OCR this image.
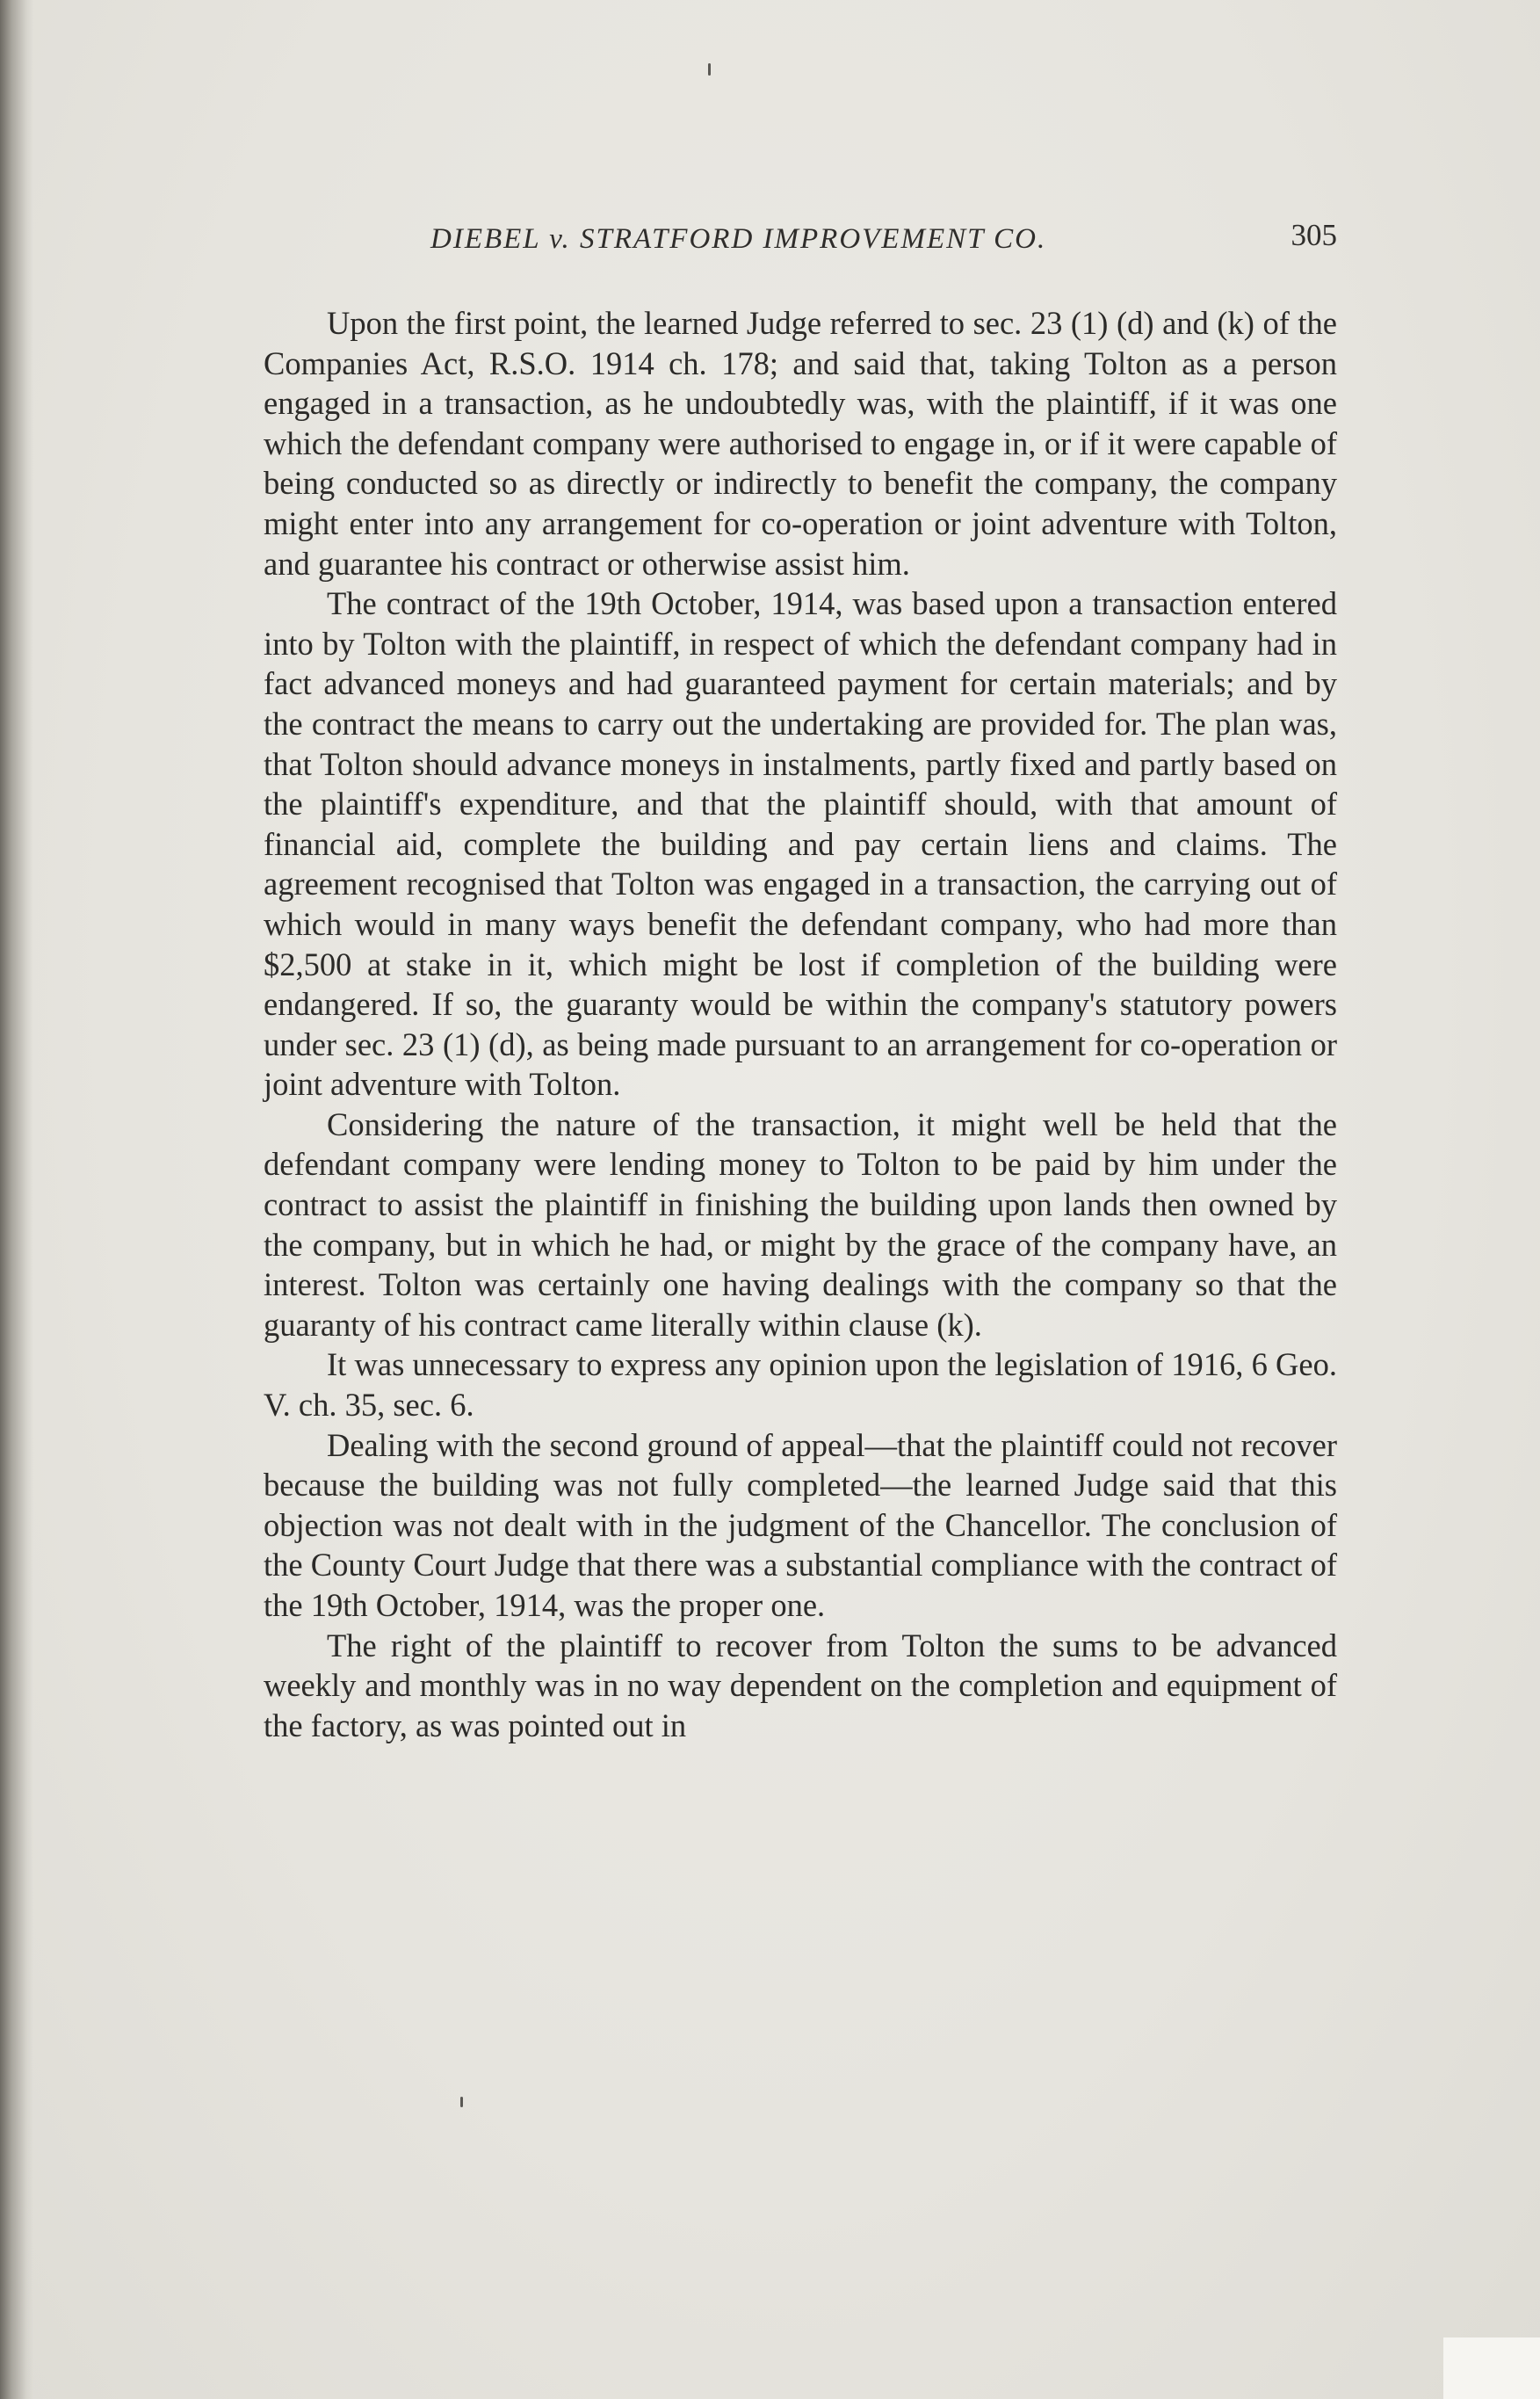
DIEBEL v. STRATFORD IMPROVEMENT CO.	305

Upon the first point, the learned Judge referred to sec. 23 (1) (d) and (k) of the Companies Act, R.S.O. 1914 ch. 178; and said that, taking Tolton as a person engaged in a transaction, as he undoubtedly was, with the plaintiff, if it was one which the defendant company were authorised to engage in, or if it were capable of being conducted so as directly or indirectly to benefit the company, the company might enter into any arrangement for co-operation or joint adventure with Tolton, and guarantee his contract or otherwise assist him.

The contract of the 19th October, 1914, was based upon a transaction entered into by Tolton with the plaintiff, in respect of which the defendant company had in fact advanced moneys and had guaranteed payment for certain materials; and by the contract the means to carry out the undertaking are provided for. The plan was, that Tolton should advance moneys in instalments, partly fixed and partly based on the plaintiff's expenditure, and that the plaintiff should, with that amount of financial aid, complete the building and pay certain liens and claims. The agreement recognised that Tolton was engaged in a transaction, the carrying out of which would in many ways benefit the defendant company, who had more than $2,500 at stake in it, which might be lost if completion of the building were endangered. If so, the guaranty would be within the company's statutory powers under sec. 23 (1) (d), as being made pursuant to an arrangement for co-operation or joint adventure with Tolton.

Considering the nature of the transaction, it might well be held that the defendant company were lending money to Tolton to be paid by him under the contract to assist the plaintiff in finishing the building upon lands then owned by the company, but in which he had, or might by the grace of the company have, an interest. Tolton was certainly one having dealings with the company so that the guaranty of his contract came literally within clause (k).

It was unnecessary to express any opinion upon the legislation of 1916, 6 Geo. V. ch. 35, sec. 6.

Dealing with the second ground of appeal—that the plaintiff could not recover because the building was not fully completed—the learned Judge said that this objection was not dealt with in the judgment of the Chancellor. The conclusion of the County Court Judge that there was a substantial compliance with the contract of the 19th October, 1914, was the proper one.

The right of the plaintiff to recover from Tolton the sums to be advanced weekly and monthly was in no way dependent on the completion and equipment of the factory, as was pointed out in
